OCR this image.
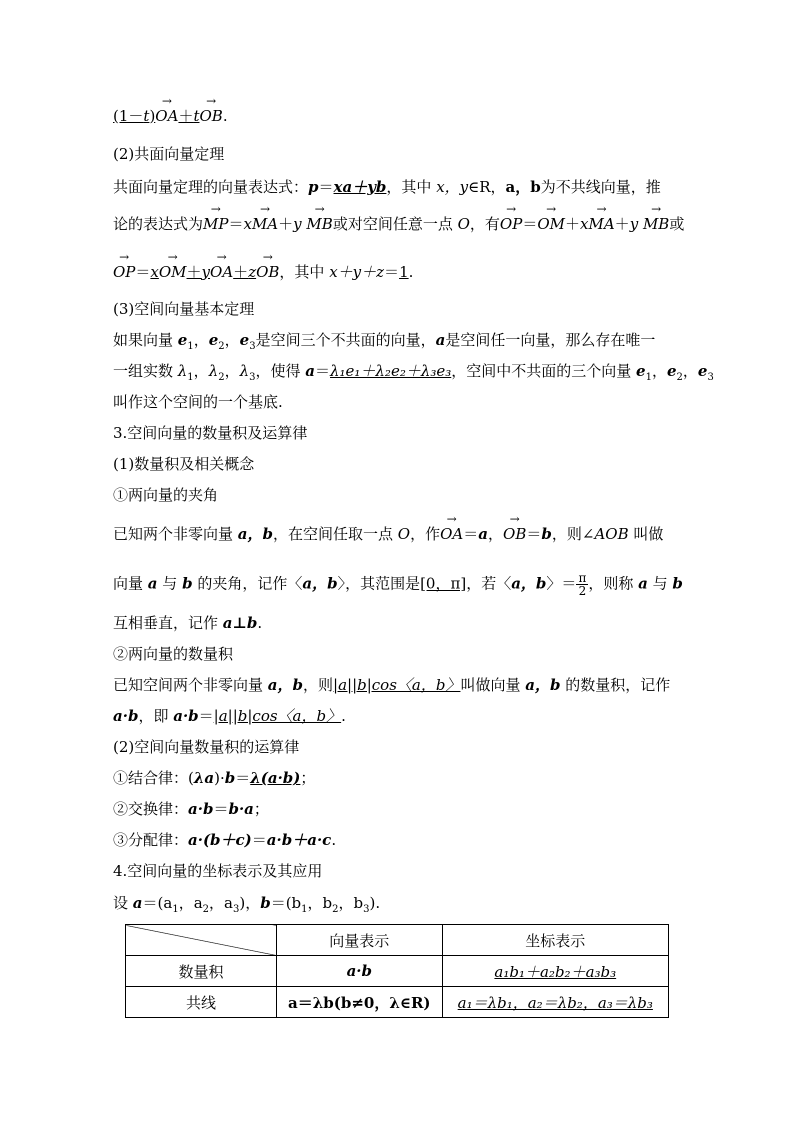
(1－t)→ OA＋t→ OB.
(2)共面向量定理
共面向量定理的向量表达式：p＝xa＋yb，其中 x，y∈R，a，b为不共线向量，推
论的表达式为→ MP＝x→ MA＋y → MB或对空间任意一点 O，有→ OP＝→ OM＋x→ MA＋y → MB或
→ OP＝x→ OM＋y→ OA＋z→ OB，其中 x＋y＋z＝1.
(3)空间向量基本定理
如果向量 $e_1$，$e_2$，$e_3$是空间三个不共面的向量，a是空间任一向量，那么存在唯一
一组实数 $\lambda_1$，$\lambda_2$，$\lambda_3$，使得 a＝λ₁e₁＋λ₂e₂＋λ₃e₃，空间中不共面的三个向量 $e_1$，$e_2$，$e_3$
叫作这个空间的一个基底.
3.空间向量的数量积及运算律
(1)数量积及相关概念
①两向量的夹角
已知两个非零向量 a，b，在空间任取一点 O，作→ OA＝a，→ OB＝b，则∠AOB 叫做
向量 a 与 b 的夹角，记作〈a，b〉，其范围是[0，π]，若〈a，b〉＝ $\frac{\pi}{2}$ ，则称 a 与 b
互相垂直，记作 a⊥b.
②两向量的数量积
已知空间两个非零向量 a，b，则|a||b|cos〈a，b〉叫做向量 a，b 的数量积，记作
a·b，即 a·b＝|a||b|cos〈a，b〉.
(2)空间向量数量积的运算律
①结合律：(λa)·b＝λ(a·b)；
②交换律：a·b＝b·a；
③分配律：a·(b＋c)＝a·b＋a·c.
4.空间向量的坐标表示及其应用
设 $a=(a_1$，$a_2$，$a_3$)，$b=(b_1$，$b_2$，$b_3$).
	向量表示	坐标表示
数量积	a·b	a₁b₁＋a₂b₂＋a₃b₃
共线	a＝λb(b≠0，λ∈R)	a₁＝λb₁，a₂＝λb₂，a₃＝λb₃
